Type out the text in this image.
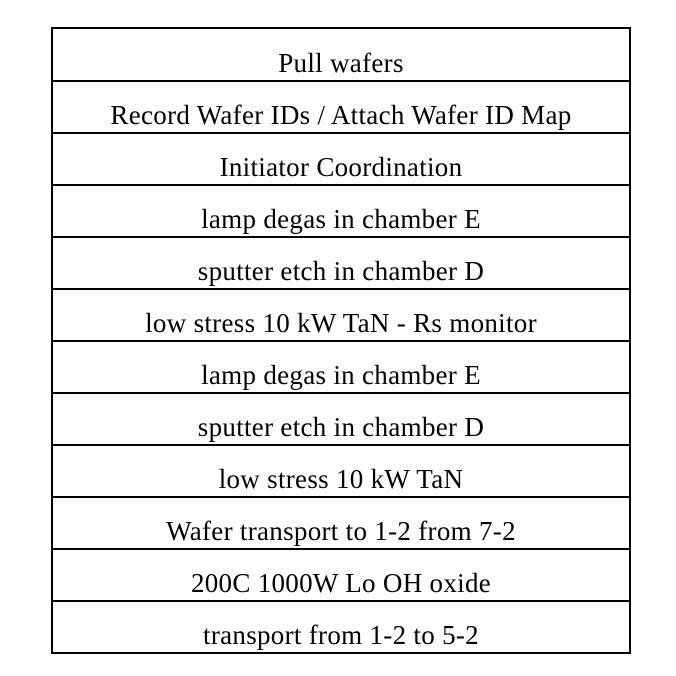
Pull wafers
Record Wafer IDs / Attach Wafer ID Map
Initiator Coordination
lamp degas in chamber E
sputter etch in chamber D
low stress 10 kW TaN - Rs monitor
lamp degas in chamber E
sputter etch in chamber D
low stress 10 kW TaN
Wafer transport to 1-2 from 7-2
200C 1000W Lo OH oxide
transport from 1-2 to 5-2
